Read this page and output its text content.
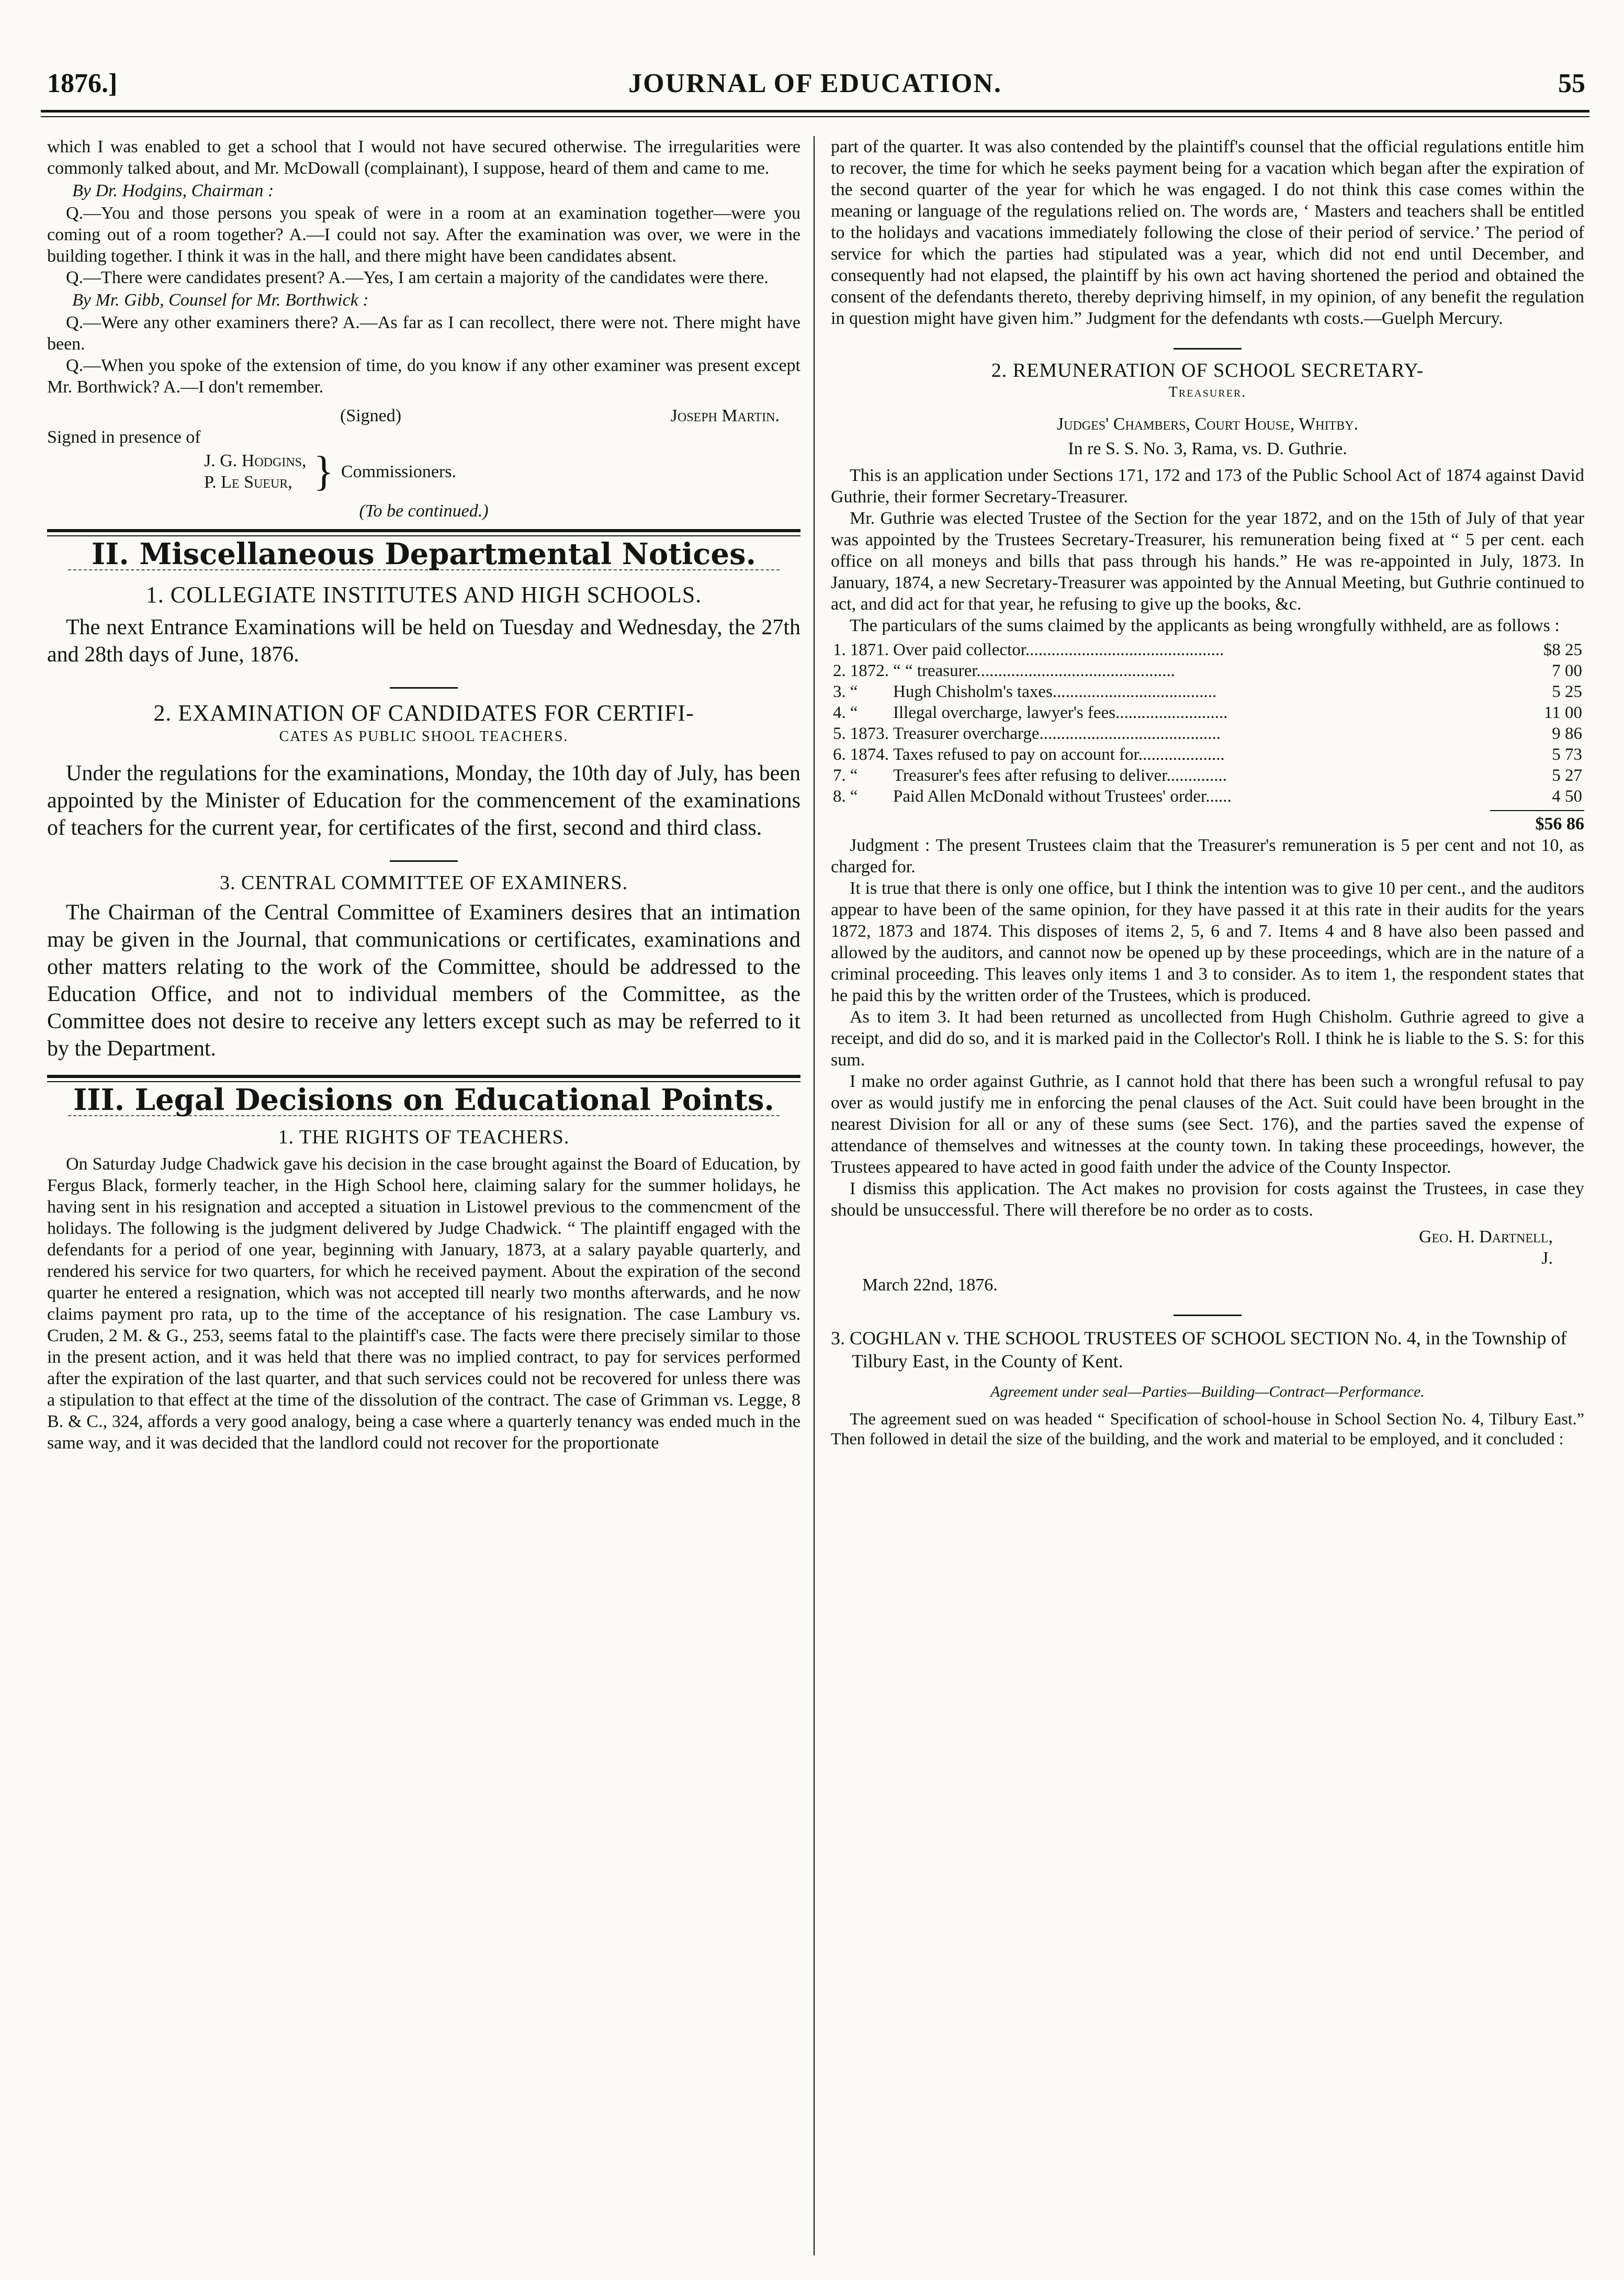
1876.]	JOURNAL OF EDUCATION.	55

which I was enabled to get a school that I would not have secured otherwise. The irregularities were commonly talked about, and Mr. McDowall (complainant), I suppose, heard of them and came to me.

By Dr. Hodgins, Chairman :

Q.—You and those persons you speak of were in a room at an examination together—were you coming out of a room together? A.—I could not say. After the examination was over, we were in the building together. I think it was in the hall, and there might have been candidates absent.

Q.—There were candidates present? A.—Yes, I am certain a majority of the candidates were there.

By Mr. Gibb, Counsel for Mr. Borthwick :

Q.—Were any other examiners there? A.—As far as I can recollect, there were not. There might have been.

Q.—When you spoke of the extension of time, do you know if any other examiner was present except Mr. Borthwick? A.—I don't remember.

(Signed)	Joseph Martin.
Signed in presence of
J. G. Hodgins,
P. Le Sueur, } Commissioners.
(To be continued.)
II. Miscellaneous Departmental Notices.
1. COLLEGIATE INSTITUTES AND HIGH SCHOOLS.

The next Entrance Examinations will be held on Tuesday and Wednesday, the 27th and 28th days of June, 1876.

2. EXAMINATION OF CANDIDATES FOR CERTIFI-
CATES AS PUBLIC SHOOL TEACHERS.

Under the regulations for the examinations, Monday, the 10th day of July, has been appointed by the Minister of Education for the commencement of the examinations of teachers for the current year, for certificates of the first, second and third class.

3. CENTRAL COMMITTEE OF EXAMINERS.

The Chairman of the Central Committee of Examiners desires that an intimation may be given in the Journal, that communications or certificates, examinations and other matters relating to the work of the Committee, should be addressed to the Education Office, and not to individual members of the Committee, as the Committee does not desire to receive any letters except such as may be referred to it by the Department.

III. Legal Decisions on Educational Points.
1. THE RIGHTS OF TEACHERS.

On Saturday Judge Chadwick gave his decision in the case brought against the Board of Education, by Fergus Black, formerly teacher, in the High School here, claiming salary for the summer holidays, he having sent in his resignation and accepted a situation in Listowel previous to the commencment of the holidays. The following is the judgment delivered by Judge Chadwick. “ The plaintiff engaged with the defendants for a period of one year, beginning with January, 1873, at a salary payable quarterly, and rendered his service for two quarters, for which he received payment. About the expiration of the second quarter he entered a resignation, which was not accepted till nearly two months afterwards, and he now claims payment pro rata, up to the time of the acceptance of his resignation. The case Lambury vs. Cruden, 2 M. & G., 253, seems fatal to the plaintiff's case. The facts were there precisely similar to those in the present action, and it was held that there was no implied contract, to pay for services performed after the expiration of the last quarter, and that such services could not be recovered for unless there was a stipulation to that effect at the time of the dissolution of the contract. The case of Grimman vs. Legge, 8 B. & C., 324, affords a very good analogy, being a case where a quarterly tenancy was ended much in the same way, and it was decided that the landlord could not recover for the proportionate

part of the quarter. It was also contended by the plaintiff's counsel that the official regulations entitle him to recover, the time for which he seeks payment being for a vacation which began after the expiration of the second quarter of the year for which he was engaged. I do not think this case comes within the meaning or language of the regulations relied on. The words are, ‘ Masters and teachers shall be entitled to the holidays and vacations immediately following the close of their period of service.’ The period of service for which the parties had stipulated was a year, which did not end until December, and consequently had not elapsed, the plaintiff by his own act having shortened the period and obtained the consent of the defendants thereto, thereby depriving himself, in my opinion, of any benefit the regulation in question might have given him.” Judgment for the defendants wth costs.—Guelph Mercury.

2. REMUNERATION OF SCHOOL SECRETARY-
Treasurer.
Judges' Chambers, Court House, Whitby.
In re S. S. No. 3, Rama, vs. D. Guthrie.

This is an application under Sections 171, 172 and 173 of the Public School Act of 1874 against David Guthrie, their former Secretary-Treasurer.

Mr. Guthrie was elected Trustee of the Section for the year 1872, and on the 15th of July of that year was appointed by the Trustees Secretary-Treasurer, his remuneration being fixed at “ 5 per cent. each office on all moneys and bills that pass through his hands.” He was re-appointed in July, 1873. In January, 1874, a new Secretary-Treasurer was appointed by the Annual Meeting, but Guthrie continued to act, and did act for that year, he refusing to give up the books, &c.

The particulars of the sums claimed by the applicants as being wrongfully withheld, are as follows :

1.	1871.	Over paid collector..............................................	$8 25
2.	1872.	“ “ treasurer..............................................	7 00
3.	“	Hugh Chisholm's taxes......................................	5 25
4.	“	Illegal overcharge, lawyer's fees..........................	11 00
5.	1873.	Treasurer overcharge..........................................	9 86
6.	1874.	Taxes refused to pay on account for....................	5 73
7.	“	Treasurer's fees after refusing to deliver..............	5 27
8.	“	Paid Allen McDonald without Trustees' order......	4 50
$56 86

Judgment : The present Trustees claim that the Treasurer's remuneration is 5 per cent and not 10, as charged for.

It is true that there is only one office, but I think the intention was to give 10 per cent., and the auditors appear to have been of the same opinion, for they have passed it at this rate in their audits for the years 1872, 1873 and 1874. This disposes of items 2, 5, 6 and 7. Items 4 and 8 have also been passed and allowed by the auditors, and cannot now be opened up by these proceedings, which are in the nature of a criminal proceeding. This leaves only items 1 and 3 to consider. As to item 1, the respondent states that he paid this by the written order of the Trustees, which is produced.

As to item 3. It had been returned as uncollected from Hugh Chisholm. Guthrie agreed to give a receipt, and did do so, and it is marked paid in the Collector's Roll. I think he is liable to the S. S: for this sum.

I make no order against Guthrie, as I cannot hold that there has been such a wrongful refusal to pay over as would justify me in enforcing the penal clauses of the Act. Suit could have been brought in the nearest Division for all or any of these sums (see Sect. 176), and the parties saved the expense of attendance of themselves and witnesses at the county town. In taking these proceedings, however, the Trustees appeared to have acted in good faith under the advice of the County Inspector.

I dismiss this application. The Act makes no provision for costs against the Trustees, in case they should be unsuccessful. There will therefore be no order as to costs.

Geo. H. Dartnell,
J.
March 22nd, 1876.
3. COGHLAN v. THE SCHOOL TRUSTEES OF SCHOOL SECTION No. 4, in the Township of Tilbury East, in the County of Kent.
Agreement under seal—Parties—Building—Contract—Performance.

The agreement sued on was headed “ Specification of school-house in School Section No. 4, Tilbury East.” Then followed in detail the size of the building, and the work and material to be employed, and it concluded :
